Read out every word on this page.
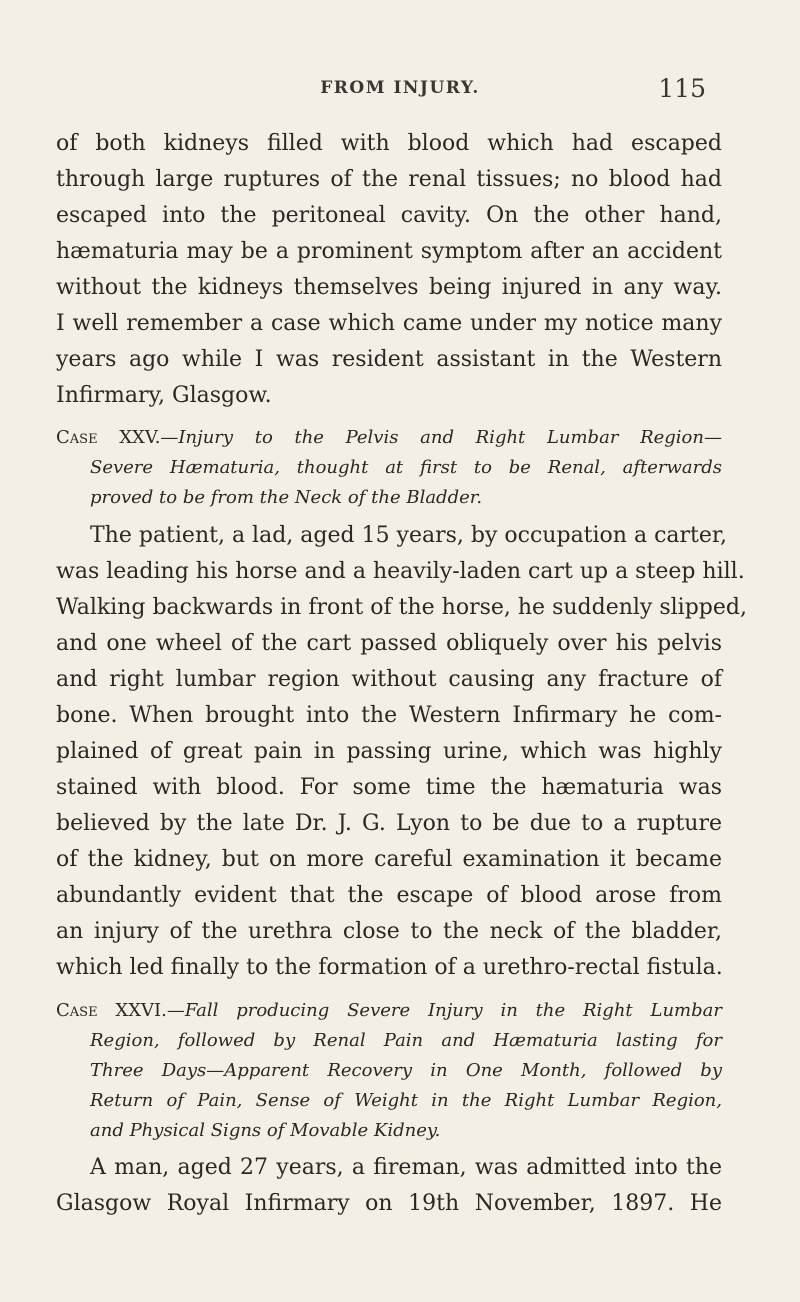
FROM INJURY.	115
of both kidneys filled with blood which had escaped
through large ruptures of the renal tissues; no blood had
escaped into the peritoneal cavity. On the other hand,
hæmaturia may be a prominent symptom after an accident
without the kidneys themselves being injured in any way.
I well remember a case which came under my notice many
years ago while I was resident assistant in the Western
Infirmary, Glasgow.
Case XXV.—Injury to the Pelvis and Right Lumbar Region—
Severe Hæmaturia, thought at first to be Renal, afterwards
proved to be from the Neck of the Bladder.
The patient, a lad, aged 15 years, by occupation a carter,
was leading his horse and a heavily-laden cart up a steep hill.
Walking backwards in front of the horse, he suddenly slipped,
and one wheel of the cart passed obliquely over his pelvis
and right lumbar region without causing any fracture of
bone. When brought into the Western Infirmary he com-
plained of great pain in passing urine, which was highly
stained with blood. For some time the hæmaturia was
believed by the late Dr. J. G. Lyon to be due to a rupture
of the kidney, but on more careful examination it became
abundantly evident that the escape of blood arose from
an injury of the urethra close to the neck of the bladder,
which led finally to the formation of a urethro-rectal fistula.
Case XXVI.—Fall producing Severe Injury in the Right Lumbar
Region, followed by Renal Pain and Hæmaturia lasting for
Three Days—Apparent Recovery in One Month, followed by
Return of Pain, Sense of Weight in the Right Lumbar Region,
and Physical Signs of Movable Kidney.
A man, aged 27 years, a fireman, was admitted into the
Glasgow Royal Infirmary on 19th November, 1897. He
